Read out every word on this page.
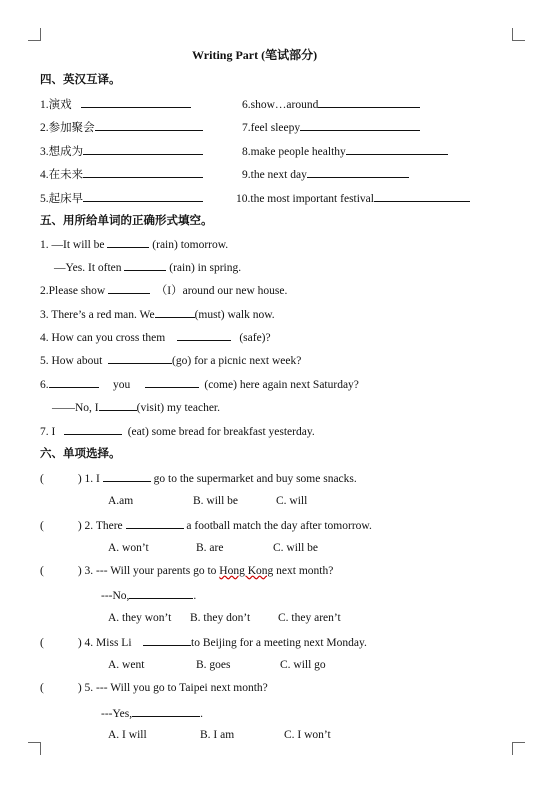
Writing Part (笔试部分)
四、英汉互译。
1.演戏
2.参加聚会
3.想成为
4.在未来
5.起床早
6.show…around
7.feel sleepy
8.make people healthy
9.the next day
10.the most important festival
五、用所给单词的正确形式填空。
1. —It will be	(rain) tomorrow.
—Yes. It often	(rain) in spring.
2.Please show	（I）around our new house.
3. There’s a red man. We	(must) walk now.
4. How can you cross them	(safe)?
5. How about	(go) for a picnic next week?
6.	you	(come) here again next Saturday?
——No, I	(visit) my teacher.
7. I	(eat) some bread for breakfast yesterday.
六、单项选择。
(	) 1. I	go to the supermarket and buy some snacks.
A.am	B. will be	C. will
(	) 2. There	a football match the day after tomorrow.
A. won’t	B. are	C. will be
(	) 3. --- Will your parents go to Hong Kong next month?
---No,	.
A. they won’t B. they don’t C. they aren’t
(	) 4. Miss Li	to Beijing for a meeting next Monday.
A. went	B. goes	C. will go
(	) 5. --- Will you go to Taipei next month?
---Yes,	.
A. I will	B. I am	C. I won’t
